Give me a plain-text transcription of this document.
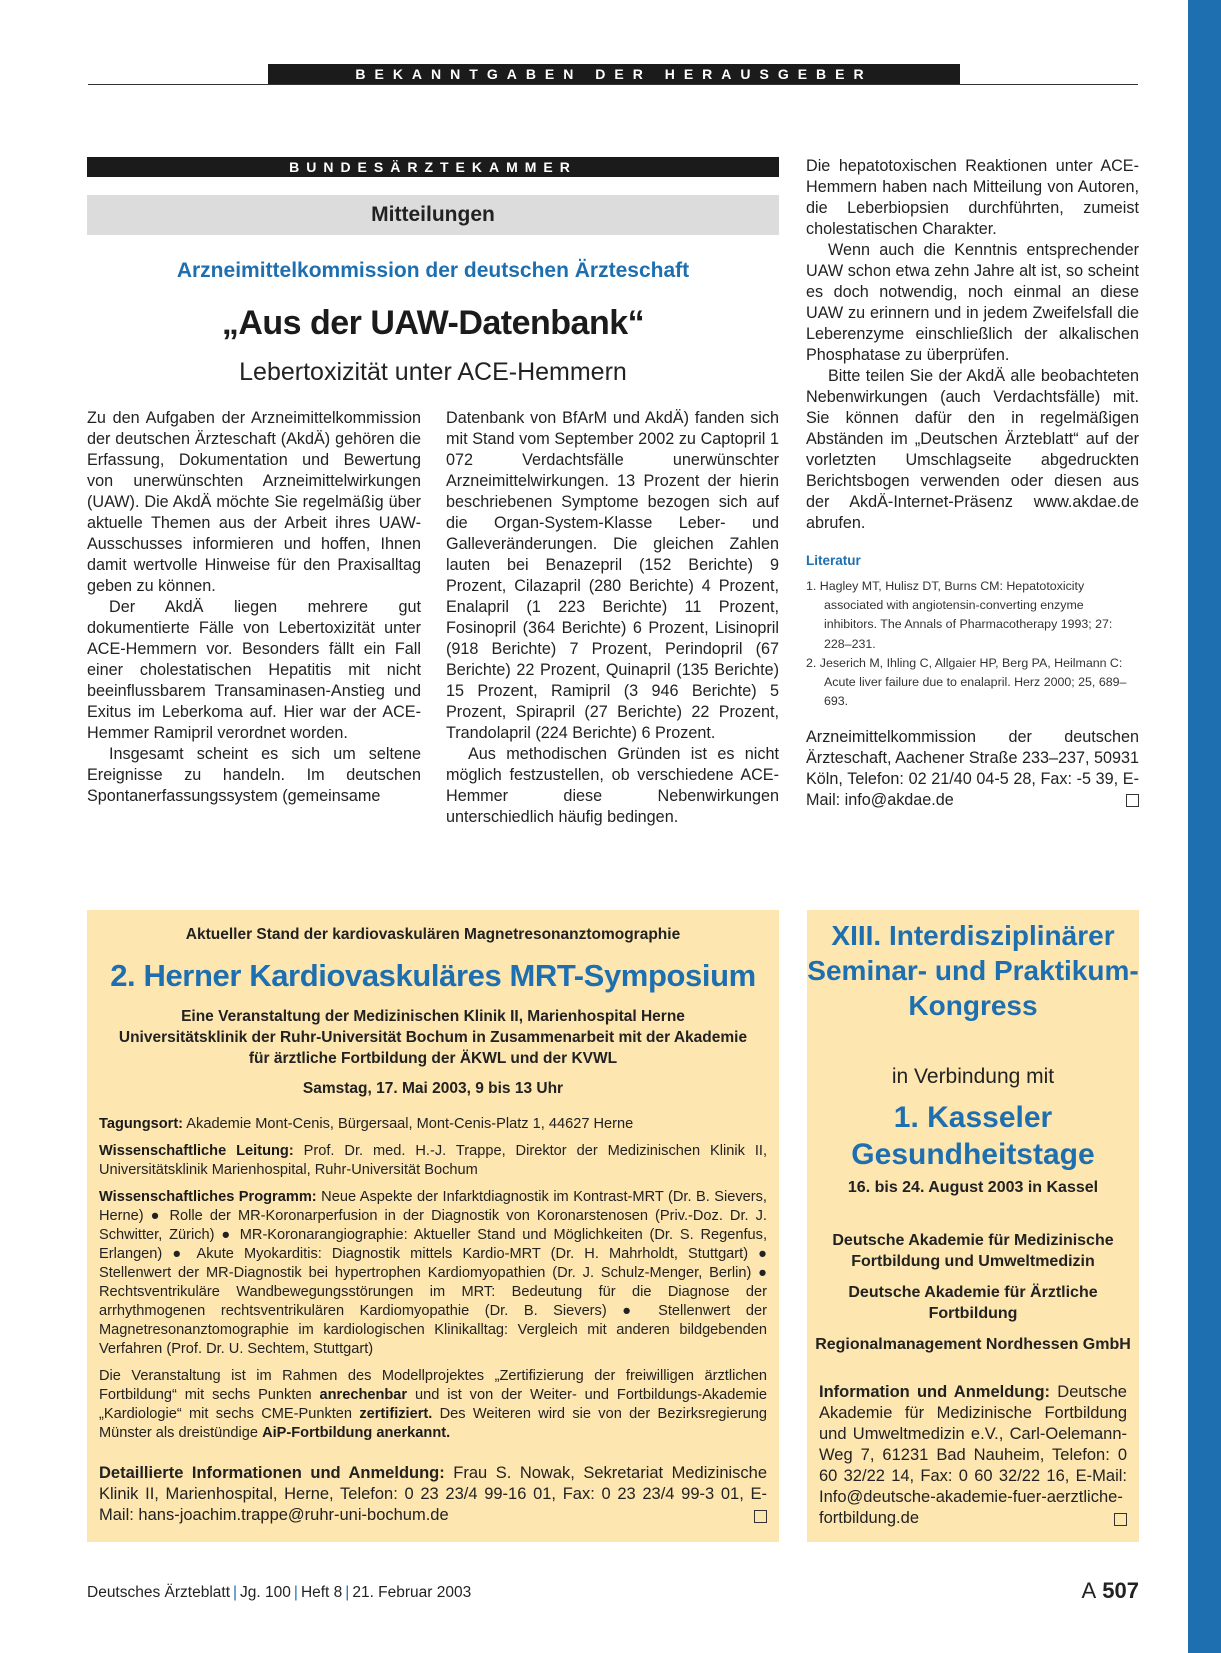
BEKANNTGABEN DER HERAUSGEBER
BUNDESÄRZTEKAMMER
Mitteilungen
Arzneimittelkommission der deutschen Ärzteschaft
„Aus der UAW-Datenbank“
Lebertoxizität unter ACE-Hemmern

Zu den Aufgaben der Arzneimittelkommission der deutschen Ärzteschaft (AkdÄ) gehören die Erfassung, Dokumentation und Bewertung von unerwünschten Arzneimittelwirkungen (UAW). Die AkdÄ möchte Sie regelmäßig über aktuelle Themen aus der Arbeit ihres UAW-Ausschusses informieren und hoffen, Ihnen damit wertvolle Hinweise für den Praxisalltag geben zu können.

Der AkdÄ liegen mehrere gut dokumentierte Fälle von Lebertoxizität unter ACE-Hemmern vor. Besonders fällt ein Fall einer cholestatischen Hepatitis mit nicht beeinflussbarem Transaminasen-Anstieg und Exitus im Leberkoma auf. Hier war der ACE-Hemmer Ramipril verordnet worden.

Insgesamt scheint es sich um seltene Ereignisse zu handeln. Im deutschen Spontanerfassungssystem (gemeinsame

Datenbank von BfArM und AkdÄ) fanden sich mit Stand vom September 2002 zu Captopril 1 072 Verdachtsfälle unerwünschter Arzneimittelwirkungen. 13 Prozent der hierin beschriebenen Symptome bezogen sich auf die Organ-System-Klasse Leber- und Galleveränderungen. Die gleichen Zahlen lauten bei Benazepril (152 Berichte) 9 Prozent, Cilazapril (280 Berichte) 4 Prozent, Enalapril (1 223 Berichte) 11 Prozent, Fosinopril (364 Berichte) 6 Prozent, Lisinopril (918 Berichte) 7 Prozent, Perindopril (67 Berichte) 22 Prozent, Quinapril (135 Berichte) 15 Prozent, Ramipril (3 946 Berichte) 5 Prozent, Spirapril (27 Berichte) 22 Prozent, Trandolapril (224 Berichte) 6 Prozent.

Aus methodischen Gründen ist es nicht möglich festzustellen, ob verschiedene ACE-Hemmer diese Nebenwirkungen unterschiedlich häufig bedingen.

Die hepatotoxischen Reaktionen unter ACE-Hemmern haben nach Mitteilung von Autoren, die Leberbiopsien durchführten, zumeist cholestatischen Charakter.

Wenn auch die Kenntnis entsprechender UAW schon etwa zehn Jahre alt ist, so scheint es doch notwendig, noch einmal an diese UAW zu erinnern und in jedem Zweifelsfall die Leberenzyme einschließlich der alkalischen Phosphatase zu überprüfen.

Bitte teilen Sie der AkdÄ alle beobachteten Nebenwirkungen (auch Verdachtsfälle) mit. Sie können dafür den in regelmäßigen Abständen im „Deutschen Ärzteblatt“ auf der vorletzten Umschlagseite abgedruckten Berichtsbogen verwenden oder diesen aus der AkdÄ-Internet-Präsenz www.akdae.de abrufen.

Literatur

1. Hagley MT, Hulisz DT, Burns CM: Hepatotoxicity associated with angiotensin-converting enzyme inhibitors. The Annals of Pharmacotherapy 1993; 27: 228–231.

2. Jeserich M, Ihling C, Allgaier HP, Berg PA, Heilmann C: Acute liver failure due to enalapril. Herz 2000; 25, 689–693.

Arzneimittelkommission der deutschen Ärzteschaft, Aachener Straße 233–237, 50931 Köln, Telefon: 02 21/40 04-5 28, Fax: -5 39, E-Mail: info@akdae.de
Aktueller Stand der kardiovaskulären Magnetresonanztomographie
2. Herner Kardiovaskuläres MRT-Symposium
Eine Veranstaltung der Medizinischen Klinik II, Marienhospital Herne Universitätsklinik der Ruhr-Universität Bochum in Zusammenarbeit mit der Akademie für ärztliche Fortbildung der ÄKWL und der KVWL
Samstag, 17. Mai 2003, 9 bis 13 Uhr

Tagungsort: Akademie Mont-Cenis, Bürgersaal, Mont-Cenis-Platz 1, 44627 Herne

Wissenschaftliche Leitung: Prof. Dr. med. H.-J. Trappe, Direktor der Medizinischen Klinik II, Universitätsklinik Marienhospital, Ruhr-Universität Bochum

Wissenschaftliches Programm: Neue Aspekte der Infarktdiagnostik im Kontrast-MRT (Dr. B. Sievers, Herne) ● Rolle der MR-Koronarperfusion in der Diagnostik von Koronarstenosen (Priv.-Doz. Dr. J. Schwitter, Zürich) ● MR-Koronarangiographie: Aktueller Stand und Möglichkeiten (Dr. S. Regenfus, Erlangen) ● Akute Myokarditis: Diagnostik mittels Kardio-MRT (Dr. H. Mahrholdt, Stuttgart) ● Stellenwert der MR-Diagnostik bei hypertrophen Kardiomyopathien (Dr. J. Schulz-Menger, Berlin) ● Rechtsventrikuläre Wandbewegungsstörungen im MRT: Bedeutung für die Diagnose der arrhythmogenen rechtsventrikulären Kardiomyopathie (Dr. B. Sievers) ● Stellenwert der Magnetresonanztomographie im kardiologischen Klinikalltag: Vergleich mit anderen bildgebenden Verfahren (Prof. Dr. U. Sechtem, Stuttgart)

Die Veranstaltung ist im Rahmen des Modellprojektes „Zertifizierung der freiwilligen ärztlichen Fortbildung“ mit sechs Punkten anrechenbar und ist von der Weiter- und Fortbildungs-Akademie „Kardiologie“ mit sechs CME-Punkten zertifiziert. Des Weiteren wird sie von der Bezirksregierung Münster als dreistündige AiP-Fortbildung anerkannt.

Detaillierte Informationen und Anmeldung: Frau S. Nowak, Sekretariat Medizinische Klinik II, Marienhospital, Herne, Telefon: 0 23 23/4 99-16 01, Fax: 0 23 23/4 99-3 01, E-Mail: hans-joachim.trappe@ruhr-uni-bochum.de
XIII. Interdisziplinärer Seminar- und Praktikum-Kongress
in Verbindung mit
1. Kasseler Gesundheitstage
16. bis 24. August 2003 in Kassel
Deutsche Akademie für Medizinische Fortbildung und Umweltmedizin
Deutsche Akademie für Ärztliche Fortbildung
Regionalmanagement Nordhessen GmbH
Information und Anmeldung: Deutsche Akademie für Medizinische Fortbildung und Umweltmedizin e.V., Carl-Oelemann-Weg 7, 61231 Bad Nauheim, Telefon: 0 60 32/22 14, Fax: 0 60 32/22 16, E-Mail: Info@deutsche-akademie-fuer-aerztliche-fortbildung.de
Deutsches Ärzteblatt | Jg. 100 | Heft 8 | 21. Februar 2003	A 507
